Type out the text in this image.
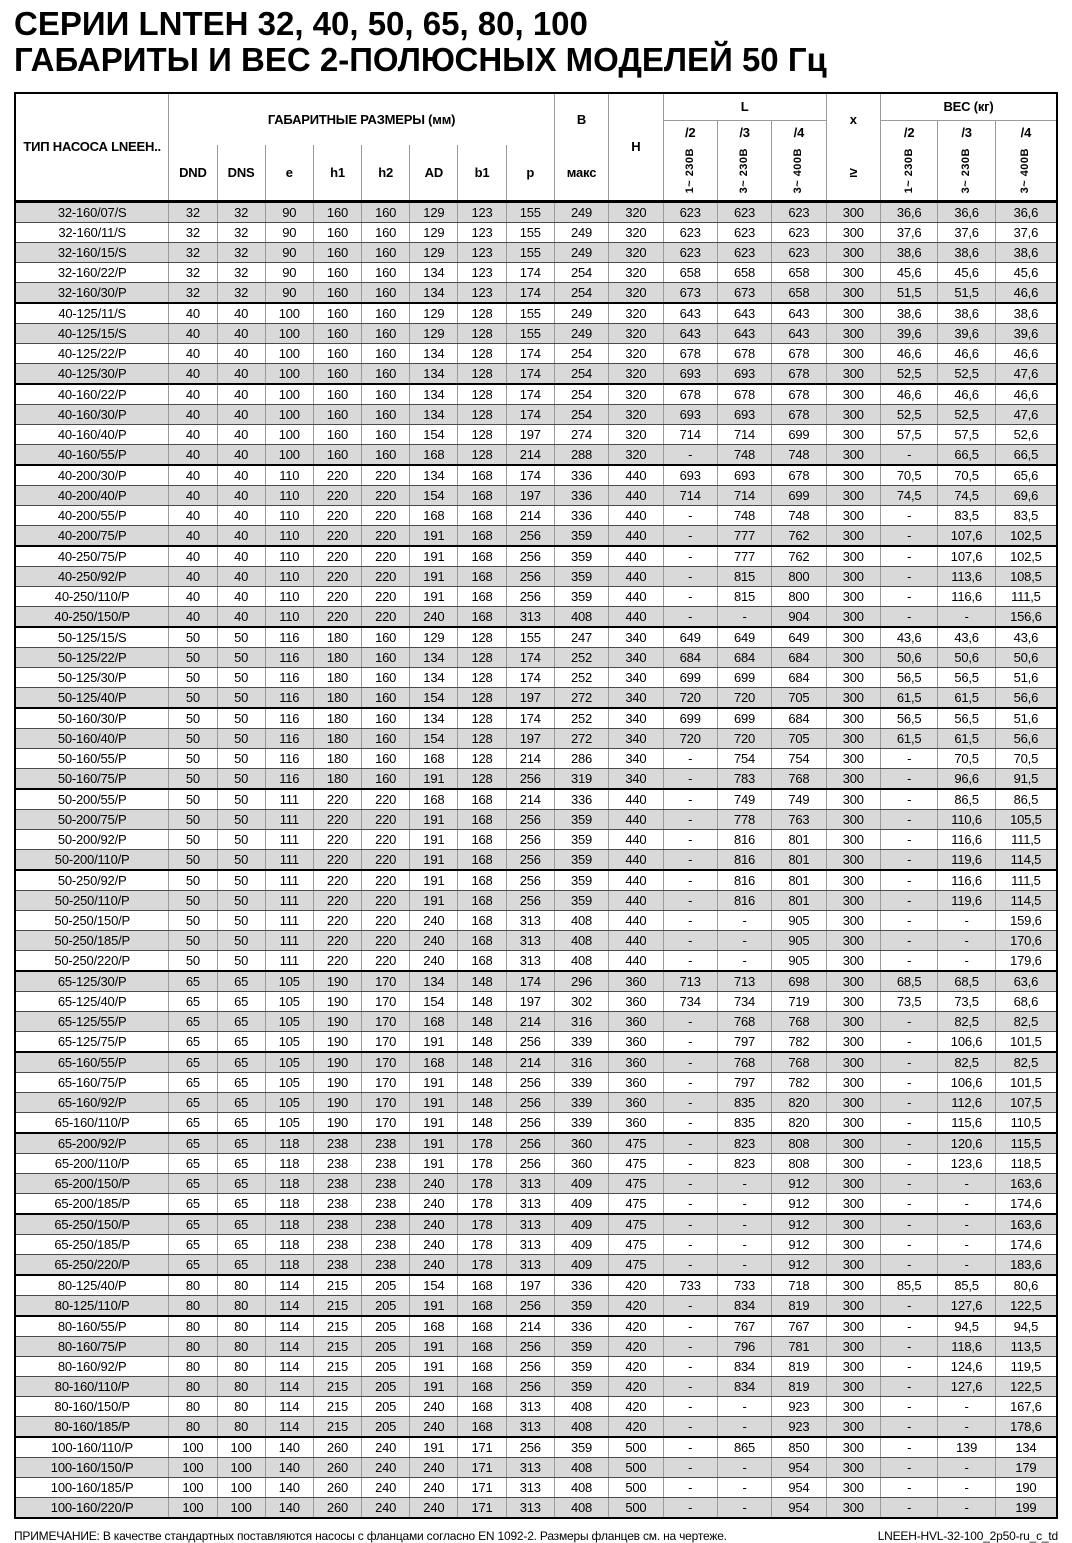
СЕРИИ LNTEH 32, 40, 50, 65, 80, 100
ГАБАРИТЫ И ВЕС 2-ПОЛЮСНЫХ МОДЕЛЕЙ 50 Гц
ТИП НАСОСА LNEEH..	ГАБАРИТНЫЕ РАЗМЕРЫ (мм)								В	H	L			x	ВЕС (кг)		
											/2	/3	/4		/2	/3	/4
	DND	DNS	e	h1	h2	AD	b1	p	макс		1~ 230В	3~ 230В	3~ 400В	≥	1~ 230В	3~ 230В	3~ 400В
32-160/07/S	32	32	90	160	160	129	123	155	249	320	623	623	623	300	36,6	36,6	36,6
32-160/11/S	32	32	90	160	160	129	123	155	249	320	623	623	623	300	37,6	37,6	37,6
32-160/15/S	32	32	90	160	160	129	123	155	249	320	623	623	623	300	38,6	38,6	38,6
32-160/22/P	32	32	90	160	160	134	123	174	254	320	658	658	658	300	45,6	45,6	45,6
32-160/30/P	32	32	90	160	160	134	123	174	254	320	673	673	658	300	51,5	51,5	46,6
40-125/11/S	40	40	100	160	160	129	128	155	249	320	643	643	643	300	38,6	38,6	38,6
40-125/15/S	40	40	100	160	160	129	128	155	249	320	643	643	643	300	39,6	39,6	39,6
40-125/22/P	40	40	100	160	160	134	128	174	254	320	678	678	678	300	46,6	46,6	46,6
40-125/30/P	40	40	100	160	160	134	128	174	254	320	693	693	678	300	52,5	52,5	47,6
40-160/22/P	40	40	100	160	160	134	128	174	254	320	678	678	678	300	46,6	46,6	46,6
40-160/30/P	40	40	100	160	160	134	128	174	254	320	693	693	678	300	52,5	52,5	47,6
40-160/40/P	40	40	100	160	160	154	128	197	274	320	714	714	699	300	57,5	57,5	52,6
40-160/55/P	40	40	100	160	160	168	128	214	288	320	-	748	748	300	-	66,5	66,5
40-200/30/P	40	40	110	220	220	134	168	174	336	440	693	693	678	300	70,5	70,5	65,6
40-200/40/P	40	40	110	220	220	154	168	197	336	440	714	714	699	300	74,5	74,5	69,6
40-200/55/P	40	40	110	220	220	168	168	214	336	440	-	748	748	300	-	83,5	83,5
40-200/75/P	40	40	110	220	220	191	168	256	359	440	-	777	762	300	-	107,6	102,5
40-250/75/P	40	40	110	220	220	191	168	256	359	440	-	777	762	300	-	107,6	102,5
40-250/92/P	40	40	110	220	220	191	168	256	359	440	-	815	800	300	-	113,6	108,5
40-250/110/P	40	40	110	220	220	191	168	256	359	440	-	815	800	300	-	116,6	111,5
40-250/150/P	40	40	110	220	220	240	168	313	408	440	-	-	904	300	-	-	156,6
50-125/15/S	50	50	116	180	160	129	128	155	247	340	649	649	649	300	43,6	43,6	43,6
50-125/22/P	50	50	116	180	160	134	128	174	252	340	684	684	684	300	50,6	50,6	50,6
50-125/30/P	50	50	116	180	160	134	128	174	252	340	699	699	684	300	56,5	56,5	51,6
50-125/40/P	50	50	116	180	160	154	128	197	272	340	720	720	705	300	61,5	61,5	56,6
50-160/30/P	50	50	116	180	160	134	128	174	252	340	699	699	684	300	56,5	56,5	51,6
50-160/40/P	50	50	116	180	160	154	128	197	272	340	720	720	705	300	61,5	61,5	56,6
50-160/55/P	50	50	116	180	160	168	128	214	286	340	-	754	754	300	-	70,5	70,5
50-160/75/P	50	50	116	180	160	191	128	256	319	340	-	783	768	300	-	96,6	91,5
50-200/55/P	50	50	111	220	220	168	168	214	336	440	-	749	749	300	-	86,5	86,5
50-200/75/P	50	50	111	220	220	191	168	256	359	440	-	778	763	300	-	110,6	105,5
50-200/92/P	50	50	111	220	220	191	168	256	359	440	-	816	801	300	-	116,6	111,5
50-200/110/P	50	50	111	220	220	191	168	256	359	440	-	816	801	300	-	119,6	114,5
50-250/92/P	50	50	111	220	220	191	168	256	359	440	-	816	801	300	-	116,6	111,5
50-250/110/P	50	50	111	220	220	191	168	256	359	440	-	816	801	300	-	119,6	114,5
50-250/150/P	50	50	111	220	220	240	168	313	408	440	-	-	905	300	-	-	159,6
50-250/185/P	50	50	111	220	220	240	168	313	408	440	-	-	905	300	-	-	170,6
50-250/220/P	50	50	111	220	220	240	168	313	408	440	-	-	905	300	-	-	179,6
65-125/30/P	65	65	105	190	170	134	148	174	296	360	713	713	698	300	68,5	68,5	63,6
65-125/40/P	65	65	105	190	170	154	148	197	302	360	734	734	719	300	73,5	73,5	68,6
65-125/55/P	65	65	105	190	170	168	148	214	316	360	-	768	768	300	-	82,5	82,5
65-125/75/P	65	65	105	190	170	191	148	256	339	360	-	797	782	300	-	106,6	101,5
65-160/55/P	65	65	105	190	170	168	148	214	316	360	-	768	768	300	-	82,5	82,5
65-160/75/P	65	65	105	190	170	191	148	256	339	360	-	797	782	300	-	106,6	101,5
65-160/92/P	65	65	105	190	170	191	148	256	339	360	-	835	820	300	-	112,6	107,5
65-160/110/P	65	65	105	190	170	191	148	256	339	360	-	835	820	300	-	115,6	110,5
65-200/92/P	65	65	118	238	238	191	178	256	360	475	-	823	808	300	-	120,6	115,5
65-200/110/P	65	65	118	238	238	191	178	256	360	475	-	823	808	300	-	123,6	118,5
65-200/150/P	65	65	118	238	238	240	178	313	409	475	-	-	912	300	-	-	163,6
65-200/185/P	65	65	118	238	238	240	178	313	409	475	-	-	912	300	-	-	174,6
65-250/150/P	65	65	118	238	238	240	178	313	409	475	-	-	912	300	-	-	163,6
65-250/185/P	65	65	118	238	238	240	178	313	409	475	-	-	912	300	-	-	174,6
65-250/220/P	65	65	118	238	238	240	178	313	409	475	-	-	912	300	-	-	183,6
80-125/40/P	80	80	114	215	205	154	168	197	336	420	733	733	718	300	85,5	85,5	80,6
80-125/110/P	80	80	114	215	205	191	168	256	359	420	-	834	819	300	-	127,6	122,5
80-160/55/P	80	80	114	215	205	168	168	214	336	420	-	767	767	300	-	94,5	94,5
80-160/75/P	80	80	114	215	205	191	168	256	359	420	-	796	781	300	-	118,6	113,5
80-160/92/P	80	80	114	215	205	191	168	256	359	420	-	834	819	300	-	124,6	119,5
80-160/110/P	80	80	114	215	205	191	168	256	359	420	-	834	819	300	-	127,6	122,5
80-160/150/P	80	80	114	215	205	240	168	313	408	420	-	-	923	300	-	-	167,6
80-160/185/P	80	80	114	215	205	240	168	313	408	420	-	-	923	300	-	-	178,6
100-160/110/P	100	100	140	260	240	191	171	256	359	500	-	865	850	300	-	139	134
100-160/150/P	100	100	140	260	240	240	171	313	408	500	-	-	954	300	-	-	179
100-160/185/P	100	100	140	260	240	240	171	313	408	500	-	-	954	300	-	-	190
100-160/220/P	100	100	140	260	240	240	171	313	408	500	-	-	954	300	-	-	199
ПРИМЕЧАНИЕ: В качестве стандартных поставляются насосы с фланцами согласно EN 1092-2. Размеры фланцев см. на чертеже.	LNEEH-HVL-32-100_2p50-ru_c_td
